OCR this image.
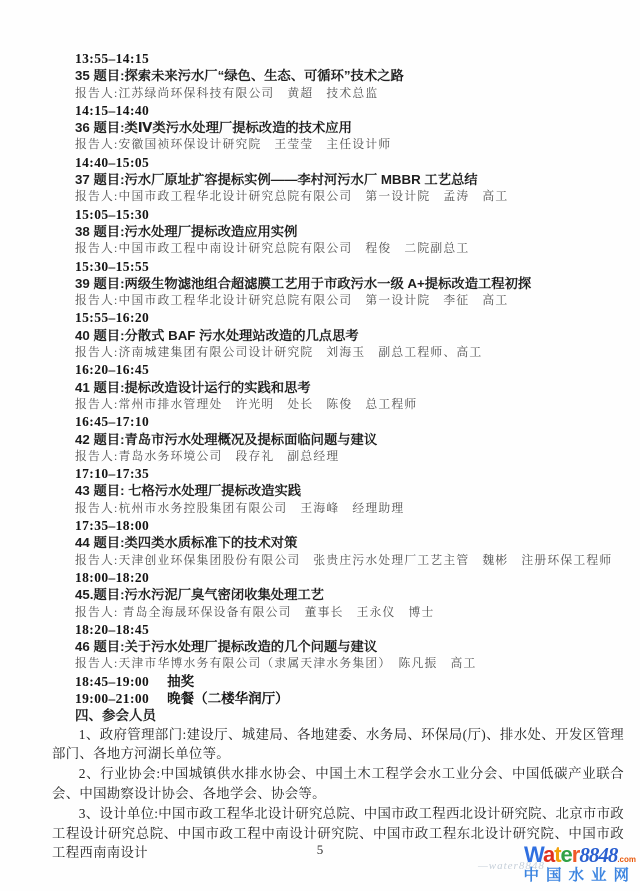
13:55–14:15
35 题目:探索未来污水厂“绿色、生态、可循环”技术之路
报告人:江苏绿尚环保科技有限公司　黄超　技术总监
14:15–14:40
36 题目:类Ⅳ类污水处理厂提标改造的技术应用
报告人:安徽国祯环保设计研究院　王莹莹　主任设计师
14:40–15:05
37 题目:污水厂原址扩容提标实例——李村河污水厂 MBBR 工艺总结
报告人:中国市政工程华北设计研究总院有限公司　第一设计院　孟涛　高工
15:05–15:30
38 题目:污水处理厂提标改造应用实例
报告人:中国市政工程中南设计研究总院有限公司　程俊　二院副总工
15:30–15:55
39 题目:两级生物滤池组合超滤膜工艺用于市政污水一级 A+提标改造工程初探
报告人:中国市政工程华北设计研究总院有限公司　第一设计院　李征　高工
15:55–16:20
40 题目:分散式 BAF 污水处理站改造的几点思考
报告人:济南城建集团有限公司设计研究院　刘海玉　副总工程师、高工
16:20–16:45
41 题目:提标改造设计运行的实践和思考
报告人:常州市排水管理处　许光明　处长　陈俊　总工程师
16:45–17:10
42 题目:青岛市污水处理概况及提标面临问题与建议
报告人:青岛水务环境公司　段存礼　副总经理
17:10–17:35
43 题目: 七格污水处理厂提标改造实践
报告人:杭州市水务控股集团有限公司　王海峰　经理助理
17:35–18:00
44 题目:类四类水质标准下的技术对策
报告人:天津创业环保集团股份有限公司　张贵庄污水处理厂工艺主管　魏彬　注册环保工程师
18:00–18:20
45.题目:污水污泥厂臭气密闭收集处理工艺
报告人: 青岛全海晟环保设备有限公司　董事长　王永仪　博士
18:20–18:45
46 题目:关于污水处理厂提标改造的几个问题与建议
报告人:天津市华博水务有限公司（隶属天津水务集团）　陈凡振　高工
18:45–19:00 抽奖
19:00–21:00 晚餐（二楼华润厅）
四、参会人员

1、政府管理部门:建设厅、城建局、各地建委、水务局、环保局(厅)、排水处、开发区管理部门、各地方河湖长单位等。

2、行业协会:中国城镇供水排水协会、中国土木工程学会水工业分会、中国低碳产业联合会、中国勘察设计协会、各地学会、协会等。

3、设计单位:中国市政工程华北设计研究总院、中国市政工程西北设计研究院、北京市市政工程设计研究总院、中国市政工程中南设计研究院、中国市政工程东北设计研究院、中国市政工程西南南设计	5	Water8848.com
中国水业网
—water8848
